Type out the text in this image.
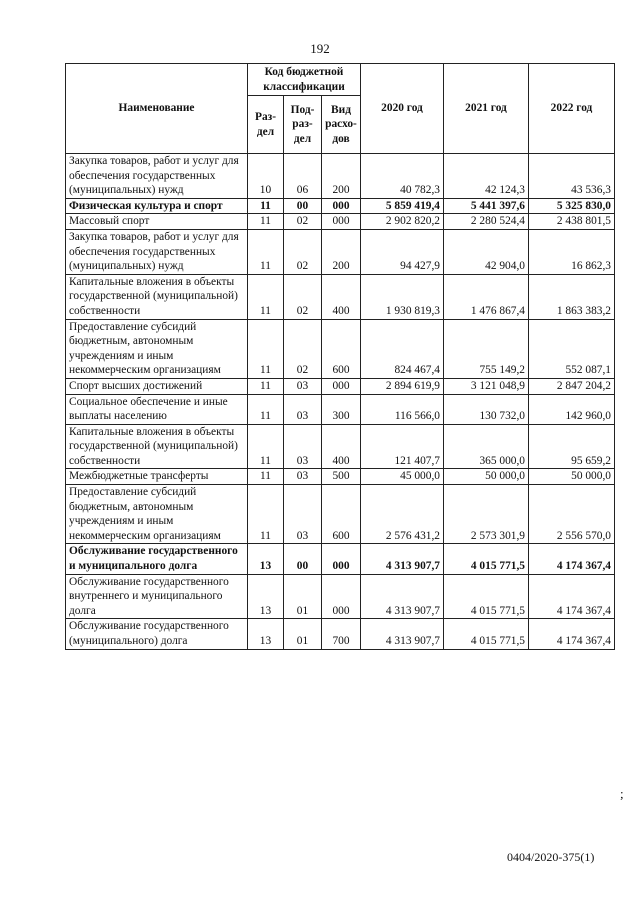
192
Наименование	Код бюджетной классификации			2020 год	2021 год	2022 год
	Раз-дел	Под-раз-дел	Вид расхо-дов			
Закупка товаров, работ и услуг для обеспечения государственных (муниципальных) нужд	10	06	200	40 782,3	42 124,3	43 536,3
Физическая культура и спорт	11	00	000	5 859 419,4	5 441 397,6	5 325 830,0
Массовый спорт	11	02	000	2 902 820,2	2 280 524,4	2 438 801,5
Закупка товаров, работ и услуг для обеспечения государственных (муниципальных) нужд	11	02	200	94 427,9	42 904,0	16 862,3
Капитальные вложения в объекты государственной (муниципальной) собственности	11	02	400	1 930 819,3	1 476 867,4	1 863 383,2
Предоставление субсидий бюджетным, автономным учреждениям и иным некоммерческим организациям	11	02	600	824 467,4	755 149,2	552 087,1
Спорт высших достижений	11	03	000	2 894 619,9	3 121 048,9	2 847 204,2
Социальное обеспечение и иные выплаты населению	11	03	300	116 566,0	130 732,0	142 960,0
Капитальные вложения в объекты государственной (муниципальной) собственности	11	03	400	121 407,7	365 000,0	95 659,2
Межбюджетные трансферты	11	03	500	45 000,0	50 000,0	50 000,0
Предоставление субсидий бюджетным, автономным учреждениям и иным некоммерческим организациям	11	03	600	2 576 431,2	2 573 301,9	2 556 570,0
Обслуживание государственного и муниципального долга	13	00	000	4 313 907,7	4 015 771,5	4 174 367,4
Обслуживание государственного внутреннего и муниципального долга	13	01	000	4 313 907,7	4 015 771,5	4 174 367,4
Обслуживание государственного (муниципального) долга	13	01	700	4 313 907,7	4 015 771,5	4 174 367,4
;
0404/2020-375(1)
